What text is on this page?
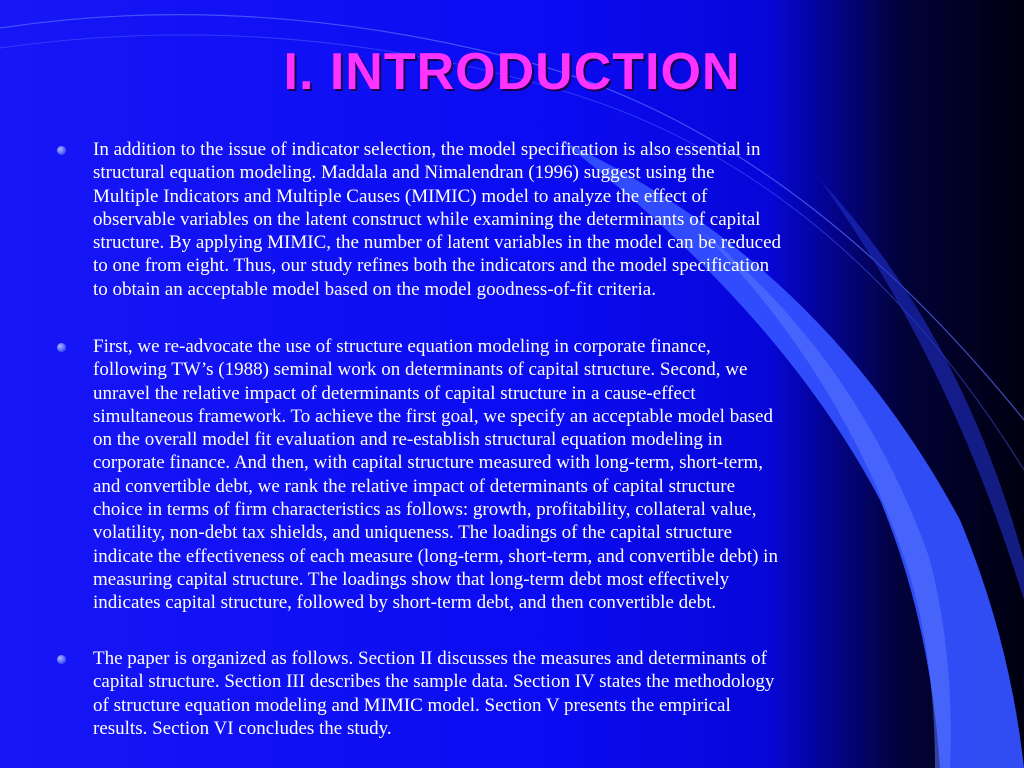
I. INTRODUCTION
In addition to the issue of indicator selection, the model specification is also essential in
structural equation modeling. Maddala and Nimalendran (1996) suggest using the
Multiple Indicators and Multiple Causes (MIMIC) model to analyze the effect of
observable variables on the latent construct while examining the determinants of capital
structure. By applying MIMIC, the number of latent variables in the model can be reduced
to one from eight. Thus, our study refines both the indicators and the model specification
to obtain an acceptable model based on the model goodness-of-fit criteria.
First, we re-advocate the use of structure equation modeling in corporate finance,
following TW’s (1988) seminal work on determinants of capital structure. Second, we
unravel the relative impact of determinants of capital structure in a cause-effect
simultaneous framework. To achieve the first goal, we specify an acceptable model based
on the overall model fit evaluation and re-establish structural equation modeling in
corporate finance. And then, with capital structure measured with long-term, short-term,
and convertible debt, we rank the relative impact of determinants of capital structure
choice in terms of firm characteristics as follows: growth, profitability, collateral value,
volatility, non-debt tax shields, and uniqueness. The loadings of the capital structure
indicate the effectiveness of each measure (long-term, short-term, and convertible debt) in
measuring capital structure. The loadings show that long-term debt most effectively
indicates capital structure, followed by short-term debt, and then convertible debt.
The paper is organized as follows. Section II discusses the measures and determinants of
capital structure. Section III describes the sample data. Section IV states the methodology
of structure equation modeling and MIMIC model. Section V presents the empirical
results. Section VI concludes the study.
